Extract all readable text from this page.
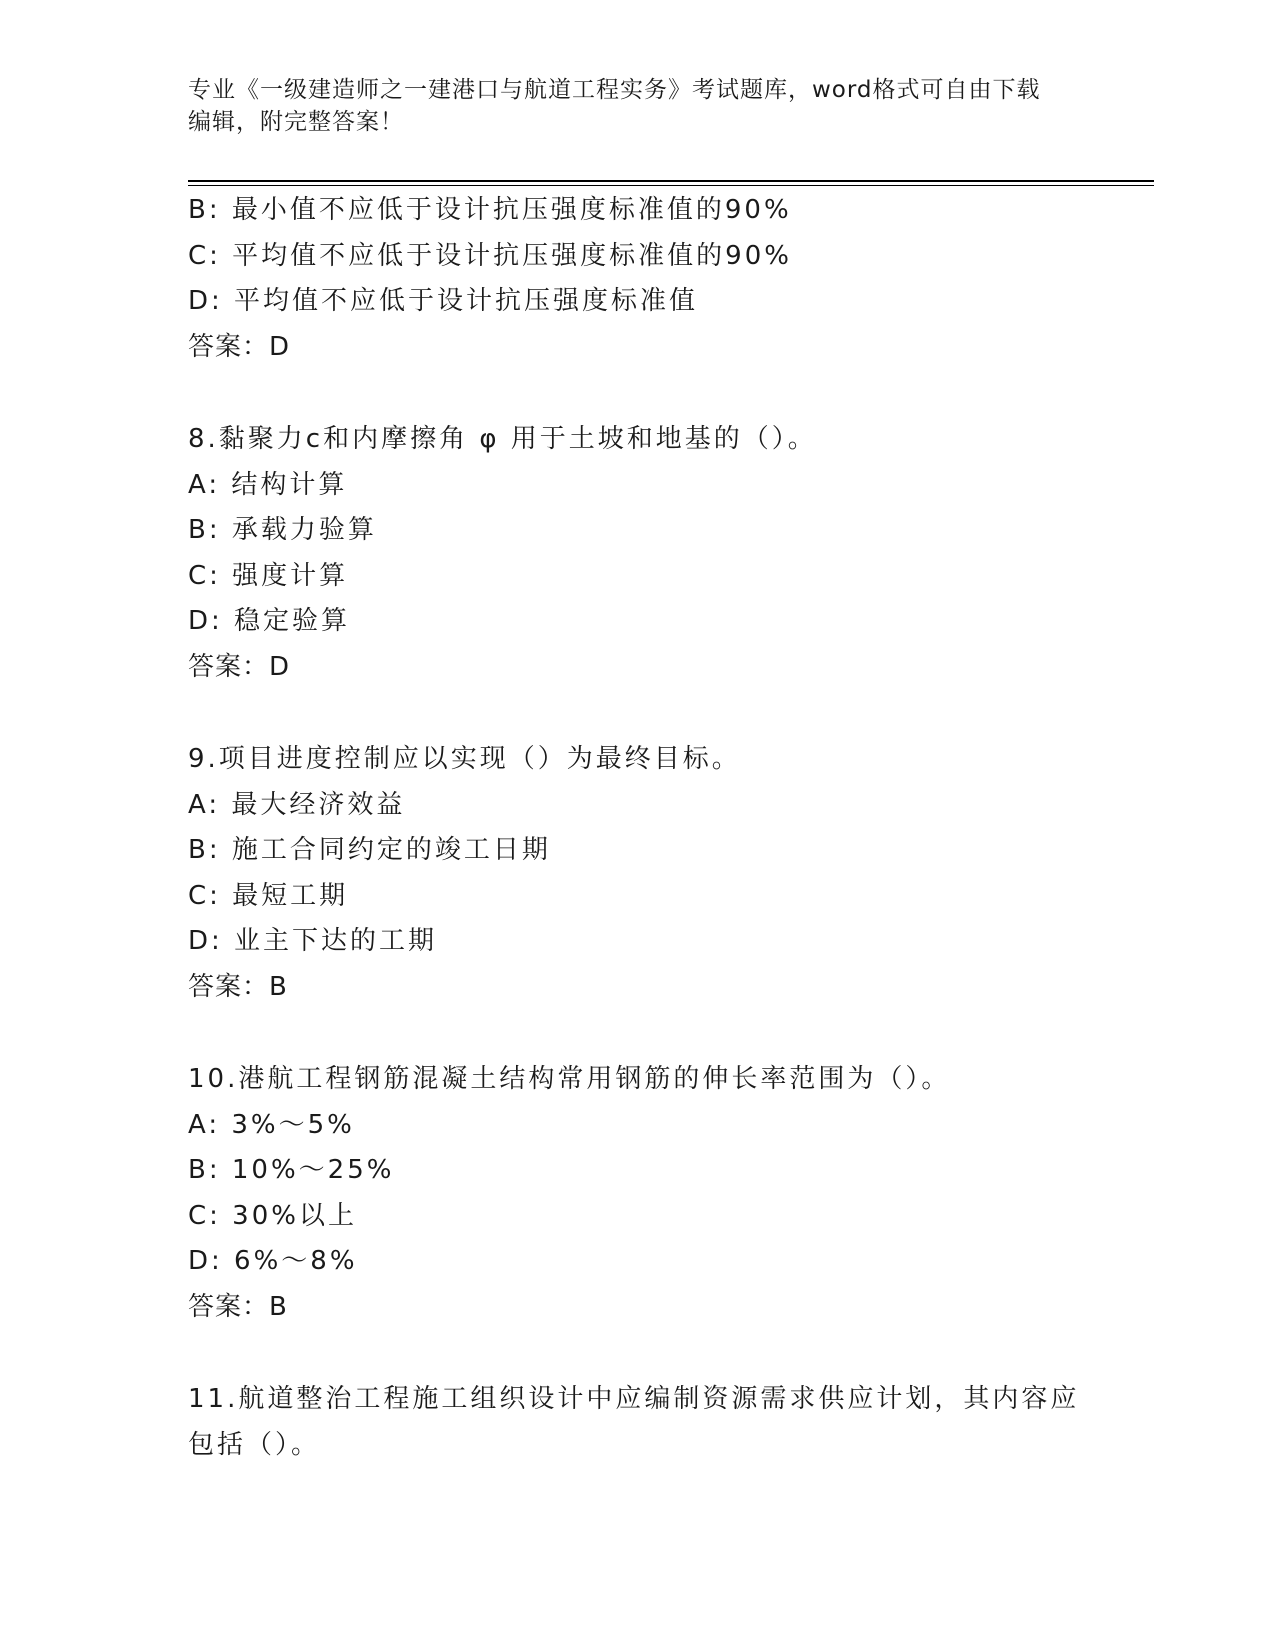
专业《一级建造师之一建港口与航道工程实务》考试题库，word格式可自由下载
编辑，附完整答案！
B: 最小值不应低于设计抗压强度标准值的90%
C: 平均值不应低于设计抗压强度标准值的90%
D: 平均值不应低于设计抗压强度标准值
答案：D
8.黏聚力c和内摩擦角 φ 用于土坡和地基的（）。
A: 结构计算
B: 承载力验算
C: 强度计算
D: 稳定验算
答案：D
9.项目进度控制应以实现（）为最终目标。
A: 最大经济效益
B: 施工合同约定的竣工日期
C: 最短工期
D: 业主下达的工期
答案：B
10.港航工程钢筋混凝土结构常用钢筋的伸长率范围为（）。
A: 3%～5%
B: 10%～25%
C: 30%以上
D: 6%～8%
答案：B
11.航道整治工程施工组织设计中应编制资源需求供应计划，其内容应
包括（）。
